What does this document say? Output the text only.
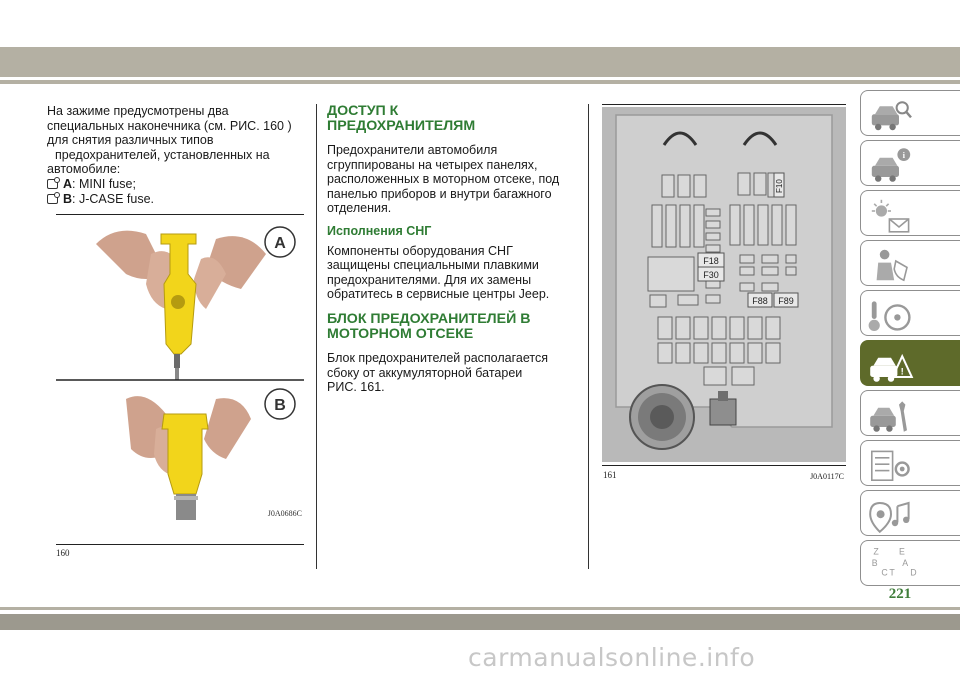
На зажиме предусмотрены два

специальных наконечника (см. РИС. 160 )

для снятия различных типов

предохранителей, установленных на

автомобиле:

A : MINI fuse;
B : J-CASE fuse.
A
B
J0A0686C
160
ДОСТУП К
ПРЕДОХРАНИТЕЛЯМ

Предохранители автомобиля

сгруппированы на четырех панелях,

расположенных в моторном отсеке, под

панелью приборов и внутри багажного

отделения.

Исполнения СНГ

Компоненты оборудования СНГ

защищены специальными плавкими

предохранителями. Для их замены

обратитесь в сервисные центры Jeep.

БЛОК ПРЕДОХРАНИТЕЛЕЙ В
МОТОРНОМ ОТСЕКЕ

Блок предохранителей располагается

сбоку от аккумуляторной батареи

РИС. 161.

F10
F18
F30
F88 F89
161	J0A0117C
i
!
Z E
B A
C T D
221
carmanualsonline.info
